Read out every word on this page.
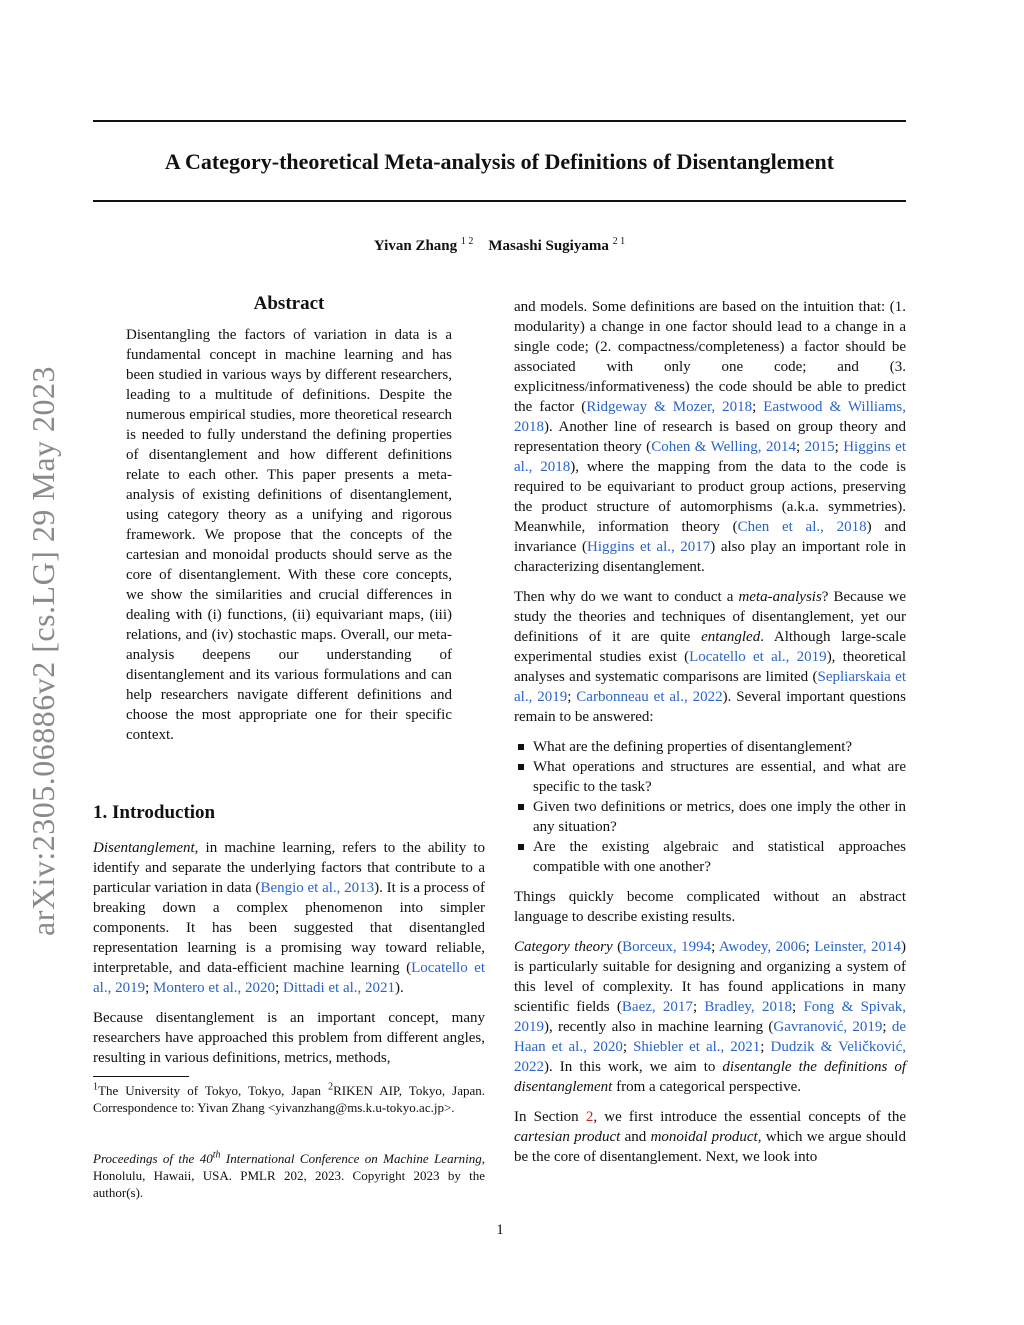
A Category-theoretical Meta-analysis of Definitions of Disentanglement
Yivan Zhang $^{1 2}$ Masashi Sugiyama $^{2 1}$
arXiv:2305.06886v2 [cs.LG] 29 May 2023
Abstract
Disentangling the factors of variation in data is a fundamental concept in machine learning and has been studied in various ways by different researchers, leading to a multitude of definitions. Despite the numerous empirical studies, more theoretical research is needed to fully understand the defining properties of disentanglement and how different definitions relate to each other. This paper presents a meta-analysis of existing definitions of disentanglement, using category theory as a unifying and rigorous framework. We propose that the concepts of the cartesian and monoidal products should serve as the core of disentanglement. With these core concepts, we show the similarities and crucial differences in dealing with (i) functions, (ii) equivariant maps, (iii) relations, and (iv) stochastic maps. Overall, our meta-analysis deepens our understanding of disentanglement and its various formulations and can help researchers navigate different definitions and choose the most appropriate one for their specific context.
1. Introduction

Disentanglement, in machine learning, refers to the ability to identify and separate the underlying factors that contribute to a particular variation in data (Bengio et al., 2013). It is a process of breaking down a complex phenomenon into simpler components. It has been suggested that disentangled representation learning is a promising way toward reliable, interpretable, and data-efficient machine learning (Locatello et al., 2019; Montero et al., 2020; Dittadi et al., 2021).

Because disentanglement is an important concept, many researchers have approached this problem from different angles, resulting in various definitions, metrics, methods,

$^1$The University of Tokyo, Tokyo, Japan $^2$RIKEN AIP, Tokyo, Japan. Correspondence to: Yivan Zhang <yivanzhang@ms.k.u-tokyo.ac.jp>.
Proceedings of the 40th International Conference on Machine Learning, Honolulu, Hawaii, USA. PMLR 202, 2023. Copyright 2023 by the author(s).

and models. Some definitions are based on the intuition that: (1. modularity) a change in one factor should lead to a change in a single code; (2. compactness/completeness) a factor should be associated with only one code; and (3. explicitness/informativeness) the code should be able to predict the factor (Ridgeway & Mozer, 2018; Eastwood & Williams, 2018). Another line of research is based on group theory and representation theory (Cohen & Welling, 2014; 2015; Higgins et al., 2018), where the mapping from the data to the code is required to be equivariant to product group actions, preserving the product structure of automorphisms (a.k.a. symmetries). Meanwhile, information theory (Chen et al., 2018) and invariance (Higgins et al., 2017) also play an important role in characterizing disentanglement.

Then why do we want to conduct a meta-analysis? Because we study the theories and techniques of disentanglement, yet our definitions of it are quite entangled. Although large-scale experimental studies exist (Locatello et al., 2019), theoretical analyses and systematic comparisons are limited (Sepliarskaia et al., 2019; Carbonneau et al., 2022). Several important questions remain to be answered:

What are the defining properties of disentanglement?
What operations and structures are essential, and what are specific to the task?
Given two definitions or metrics, does one imply the other in any situation?
Are the existing algebraic and statistical approaches compatible with one another?

Things quickly become complicated without an abstract language to describe existing results.

Category theory (Borceux, 1994; Awodey, 2006; Leinster, 2014) is particularly suitable for designing and organizing a system of this level of complexity. It has found applications in many scientific fields (Baez, 2017; Bradley, 2018; Fong & Spivak, 2019), recently also in machine learning (Gavranović, 2019; de Haan et al., 2020; Shiebler et al., 2021; Dudzik & Veličković, 2022). In this work, we aim to disentangle the definitions of disentanglement from a categorical perspective.

In Section 2, we first introduce the essential concepts of the cartesian product and monoidal product, which we argue should be the core of disentanglement. Next, we look into

1
